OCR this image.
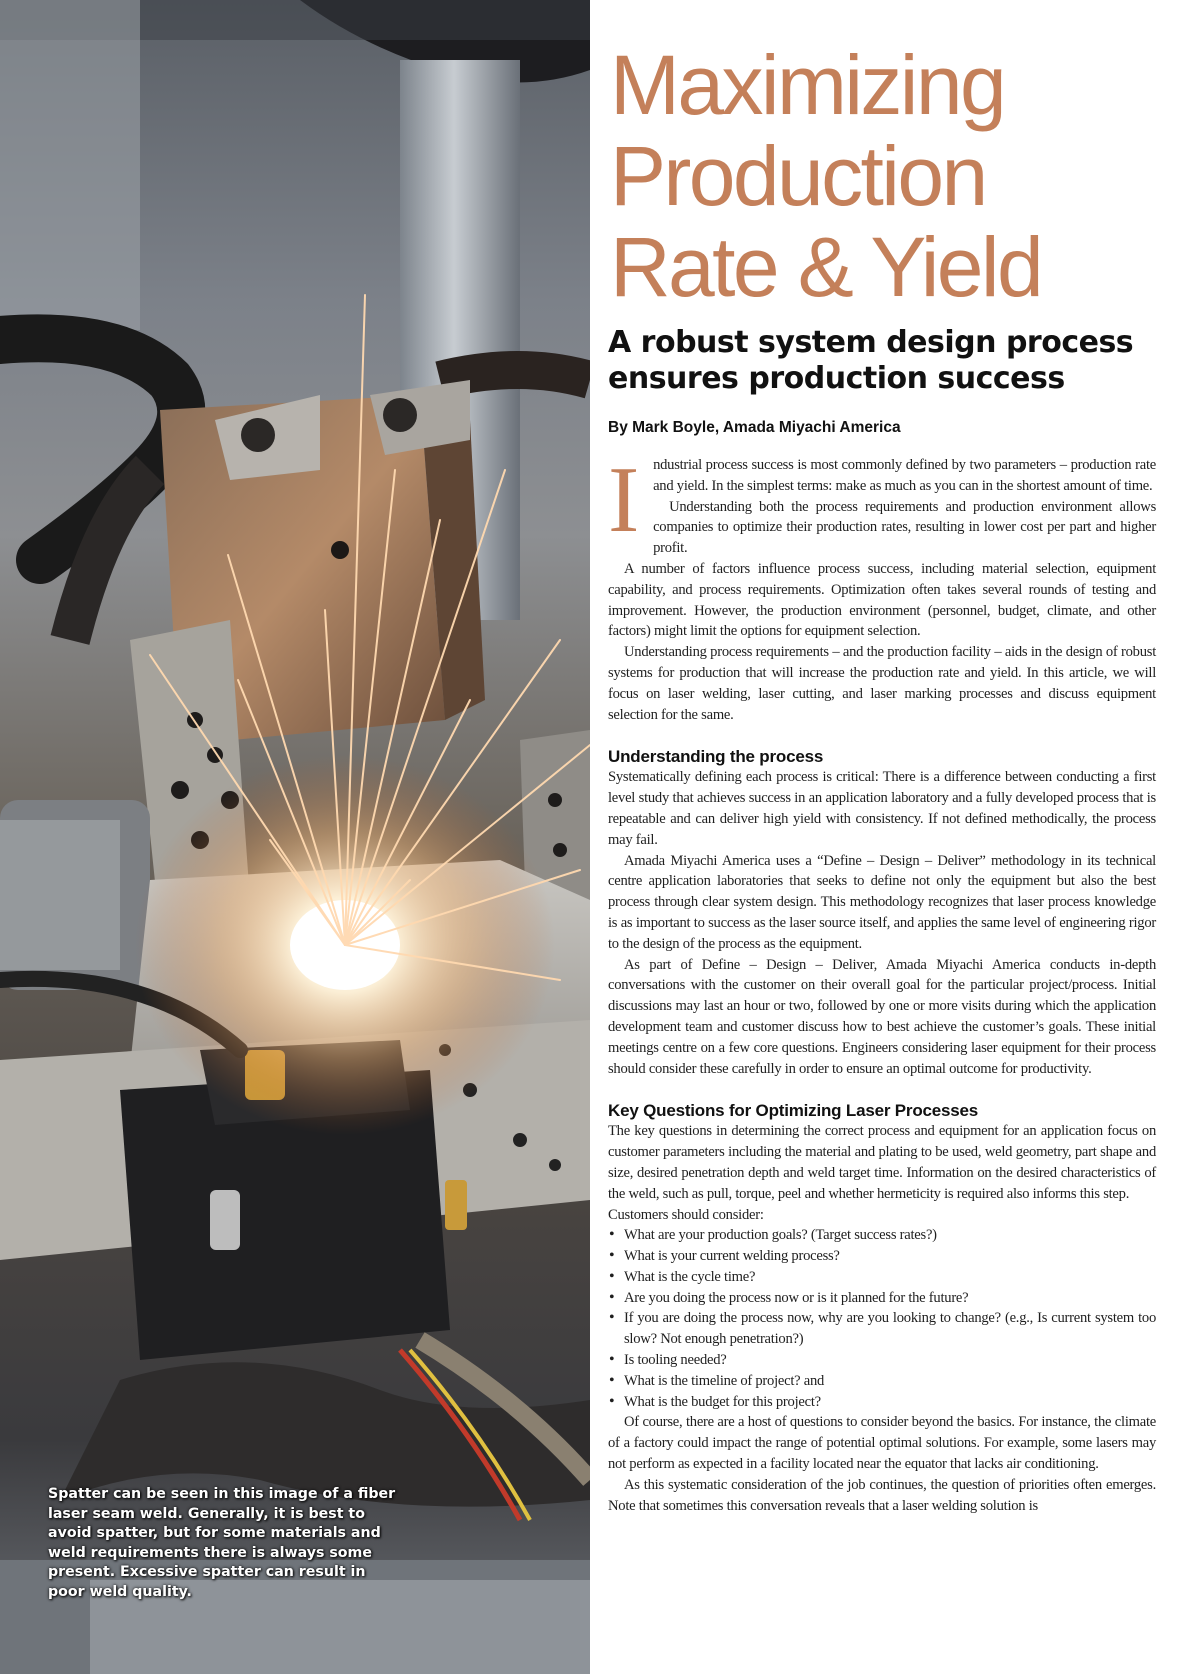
Spatter can be seen in this image of a fiber laser seam weld. Generally, it is best to avoid spatter, but for some materials and weld requirements there is always some present. Excessive spatter can result in poor weld quality.
Maximizing
Production
Rate & Yield
A robust system design process ensures production success
By Mark Boyle, Amada Miyachi America

Industrial process success is most commonly defined by two parameters – production rate and yield. In the simplest terms: make as much as you can in the shortest amount of time.

Understanding both the process requirements and production environment allows companies to optimize their production rates, resulting in lower cost per part and higher profit.

A number of factors influence process success, including material selection, equipment capability, and process requirements. Optimization often takes several rounds of testing and improvement. However, the production environment (personnel, budget, climate, and other factors) might limit the options for equipment selection.

Understanding process requirements – and the production facility – aids in the design of robust systems for production that will increase the production rate and yield. In this article, we will focus on laser welding, laser cutting, and laser marking processes and discuss equipment selection for the same.

Understanding the process

Systematically defining each process is critical: There is a difference between conducting a first level study that achieves success in an application laboratory and a fully developed process that is repeatable and can deliver high yield with consistency. If not defined methodically, the process may fail.

Amada Miyachi America uses a “Define – Design – Deliver” methodology in its technical centre application laboratories that seeks to define not only the equipment but also the best process through clear system design. This methodology recognizes that laser process knowledge is as important to success as the laser source itself, and applies the same level of engineering rigor to the design of the process as the equipment.

As part of Define – Design – Deliver, Amada Miyachi America conducts in-depth conversations with the customer on their overall goal for the particular project/process. Initial discussions may last an hour or two, followed by one or more visits during which the application development team and customer discuss how to best achieve the customer’s goals. These initial meetings centre on a few core questions. Engineers considering laser equipment for their process should consider these carefully in order to ensure an optimal outcome for productivity.

Key Questions for Optimizing Laser Processes

The key questions in determining the correct process and equipment for an application focus on customer parameters including the material and plating to be used, weld geometry, part shape and size, desired penetration depth and weld target time. Information on the desired characteristics of the weld, such as pull, torque, peel and whether hermeticity is required also informs this step.

Customers should consider:

• What are your production goals? (Target success rates?)
• What is your current welding process?
• What is the cycle time?
• Are you doing the process now or is it planned for the future?
• If you are doing the process now, why are you looking to change? (e.g., Is current system too slow? Not enough penetration?)
• Is tooling needed?
• What is the timeline of project? and
• What is the budget for this project?

Of course, there are a host of questions to consider beyond the basics. For instance, the climate of a factory could impact the range of potential optimal solutions. For example, some lasers may not perform as expected in a facility located near the equator that lacks air conditioning.

As this systematic consideration of the job continues, the question of priorities often emerges. Note that sometimes this conversation reveals that a laser welding solution is
